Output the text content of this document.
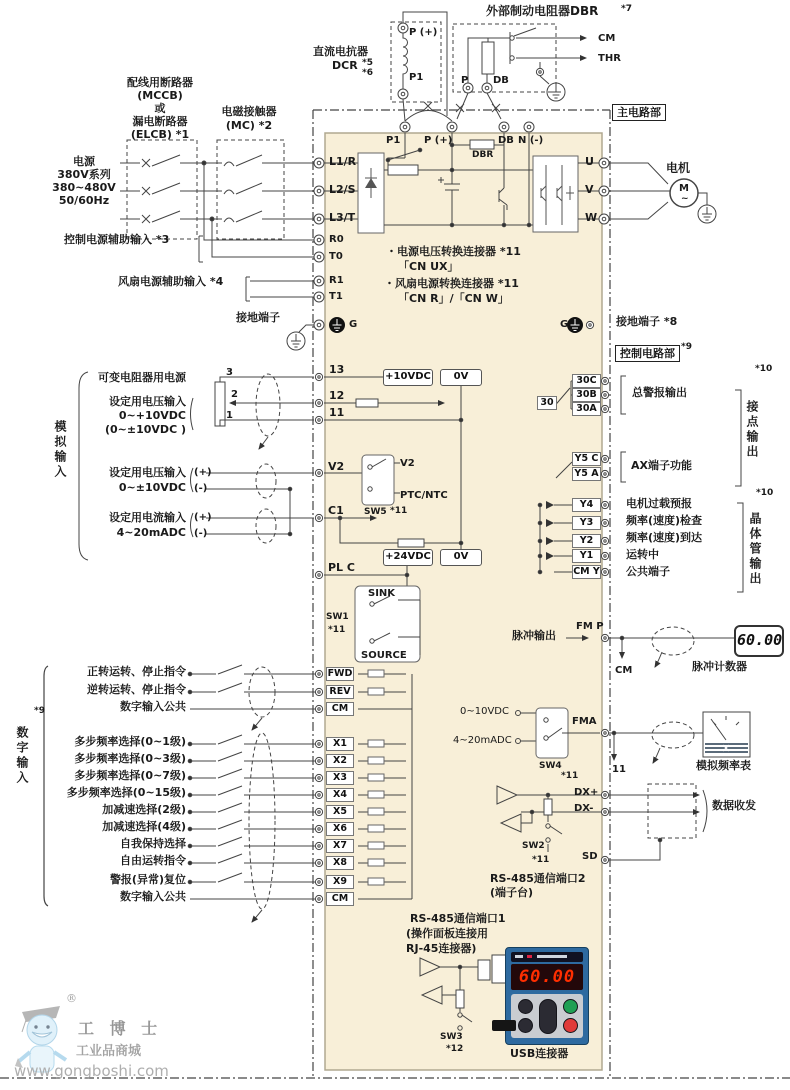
直流电抗器
DCR *5
*6
P (+)
P1
外部制动电阻器DBR	*7
CM
THR
P DB
配线用断路器
(MCCB)
或
漏电断路器
(ELCB) *1
电磁接触器
(MC) *2
电源
380V系列
380~480V
50/60Hz
控制电源辅助输入 *3
风扇电源辅助输入 *4
接地端子
L1/R
L2/S
L3/T
R0
T0
R1
T1
G	G
P1 P (+)
DBR
DB N (-)
U
V
W
主电路部
电机
M
~
接地端子 *8
控制电路部 *9
・电源电压转换连接器 *11
「CN UX」
・风扇电源转换连接器 *11
「CN R」/「CN W」
可变电阻器用电源
设定用电压输入
0~+10VDC
(0~±10VDC )
模拟输入	设定用电压输入
0~±10VDC
(+)
(-)
设定用电流输入
4~20mADC
(+)
(-)
3
2
1
13
12
11
+10VDC	0V
V2	V2
PTC/NTC
SW5 *11
C1
+24VDC	0V
PL C
SINK
SOURCE
SW1
*11
*9
数字输入
正转运转、停止指令
逆转运转、停止指令
数字输入公共
多步频率选择(0~1级)
多步频率选择(0~3级)
多步频率选择(0~7级)
多步频率选择(0~15级)
加减速选择(2级)
加减速选择(4级)
自我保持选择
自由运转指令
警报(异常)复位
数字输入公共
FWD
REV
CM
X1
X2
X3
X4
X5
X6
X7
X8
X9
CM
30
30C
30B
30A
总警报输出
接点输出
*10
Y5 C
Y5 A
AX端子功能
Y4
Y3
Y2
Y1
CM Y
电机过载预报
频率(速度)检查
频率(速度)到达
运转中
公共端子	晶体管输出
*10
脉冲输出
FM P
60.00
脉冲计数器
CM
0~10VDC
4~20mADC
SW4
*11
FMA
模拟频率表
11
DX+
DX-
SD
SW2
*11
RS-485通信端口2
(端子台)
数据收发
RS-485通信端口1
(操作面板连接用
RJ-45连接器)
SW3
*12
60.00
USB连接器
®
工 博 士
工业品商城
www.gongboshi.com
